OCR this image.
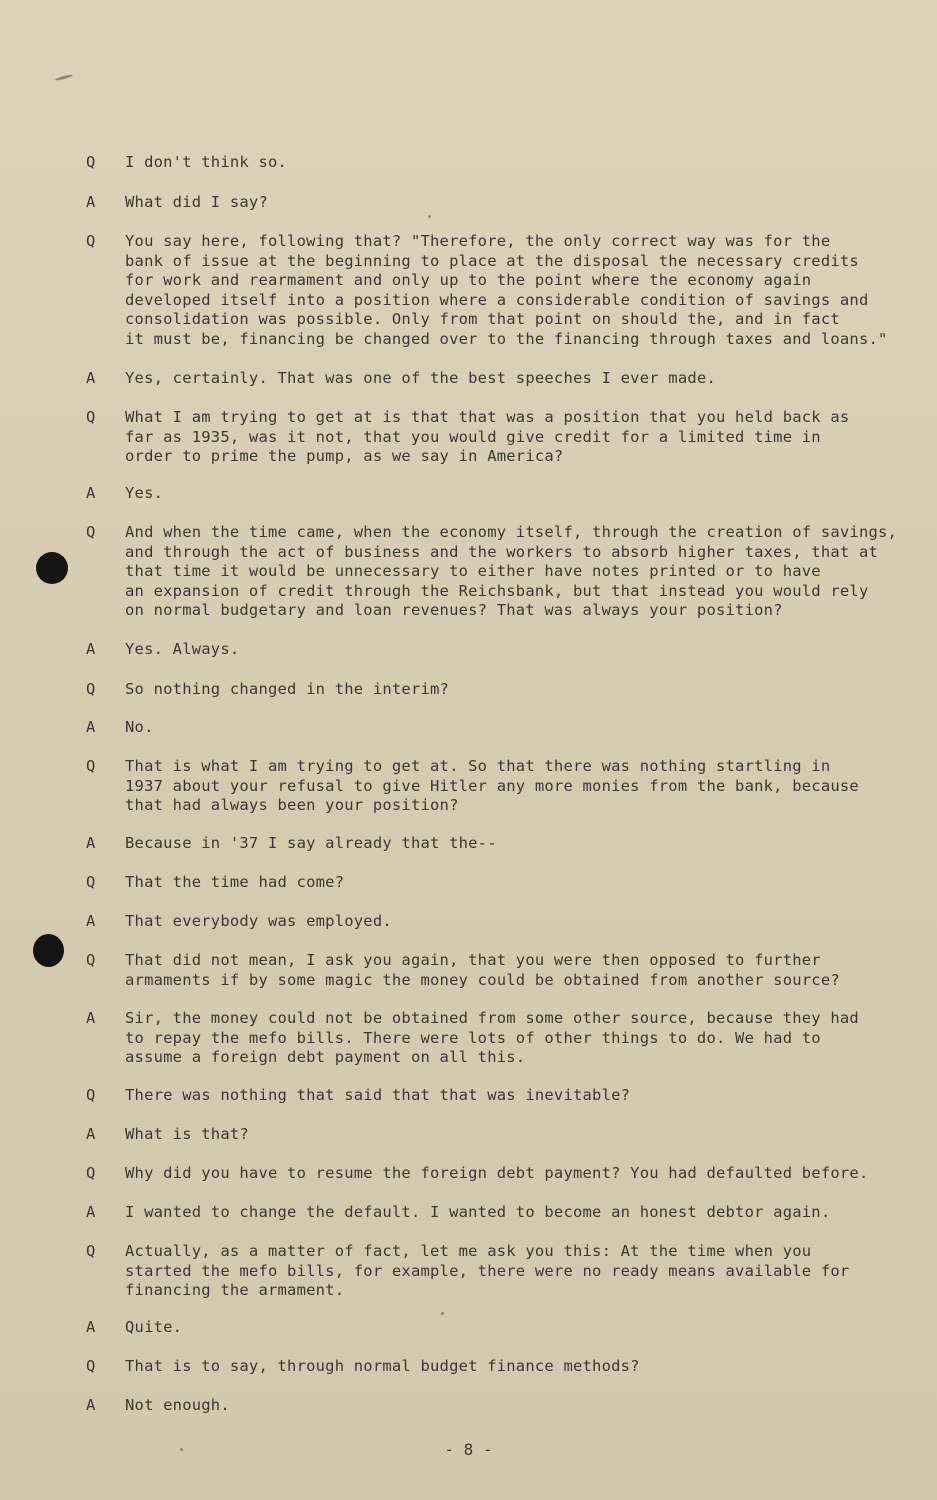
Q	I don't think so.
A	What did I say?
Q	You say here, following that? "Therefore, the only correct way was for the
bank of issue at the beginning to place at the disposal the necessary credits
for work and rearmament and only up to the point where the economy again
developed itself into a position where a considerable condition of savings and
consolidation was possible. Only from that point on should the, and in fact
it must be, financing be changed over to the financing through taxes and loans."
A	Yes, certainly. That was one of the best speeches I ever made.
Q	What I am trying to get at is that that was a position that you held back as
far as 1935, was it not, that you would give credit for a limited time in
order to prime the pump, as we say in America?
A	Yes.
Q	And when the time came, when the economy itself, through the creation of savings,
and through the act of business and the workers to absorb higher taxes, that at
that time it would be unnecessary to either have notes printed or to have
an expansion of credit through the Reichsbank, but that instead you would rely
on normal budgetary and loan revenues? That was always your position?
A	Yes. Always.
Q	So nothing changed in the interim?
A	No.
Q	That is what I am trying to get at. So that there was nothing startling in
1937 about your refusal to give Hitler any more monies from the bank, because
that had always been your position?
A	Because in '37 I say already that the--
Q	That the time had come?
A	That everybody was employed.
Q	That did not mean, I ask you again, that you were then opposed to further
armaments if by some magic the money could be obtained from another source?
A	Sir, the money could not be obtained from some other source, because they had
to repay the mefo bills. There were lots of other things to do. We had to
assume a foreign debt payment on all this.
Q	There was nothing that said that that was inevitable?
A	What is that?
Q	Why did you have to resume the foreign debt payment? You had defaulted before.
A	I wanted to change the default. I wanted to become an honest debtor again.
Q	Actually, as a matter of fact, let me ask you this: At the time when you
started the mefo bills, for example, there were no ready means available for
financing the armament.
A	Quite.
Q	That is to say, through normal budget finance methods?
A	Not enough.
- 8 -
